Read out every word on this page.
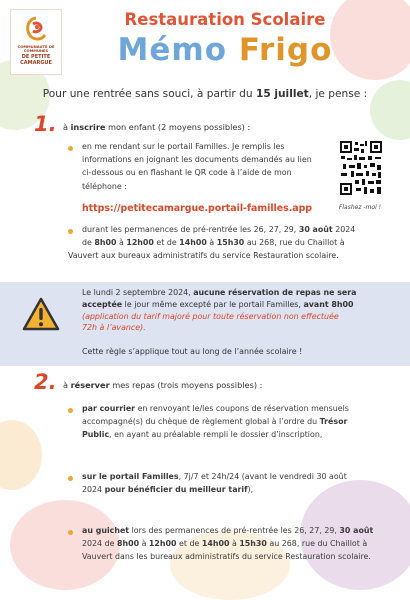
COMMUNAUTÉ DE COMMUNES
DE PETITE
CAMARGUE
Restauration Scolaire
Mémo Frigo
Pour une rentrée sans souci, à partir du 15 juillet, je pense :
1. à inscrire mon enfant (2 moyens possibles) :
en me rendant sur le portail Familles. Je remplis les
informations en joignant les documents demandés au lien
ci-dessous ou en flashant le QR code à l’aide de mon
téléphone :
Flashez -moi !
https://petitecamargue.portail-familles.app
durant les permanences de pré-rentrée les 26, 27, 29, 30 août 2024
de 8h00 à 12h00 et de 14h00 à 15h30 au 268, rue du Chaillot à
Vauvert aux bureaux administratifs du service Restauration scolaire.
Le lundi 2 septembre 2024, aucune réservation de repas ne sera
acceptée le jour même excepté par le portail Familles, avant 8h00
(application du tarif majoré pour toute réservation non effectuée
72h à l’avance).
Cette règle s’applique tout au long de l’année scolaire !
2. à réserver mes repas (trois moyens possibles) :
par courrier en renvoyant le/les coupons de réservation mensuels
accompagné(s) du chèque de règlement global à l’ordre du Trésor
Public, en ayant au préalable rempli le dossier d’inscription,
sur le portail Familles, 7j/7 et 24h/24 (avant le vendredi 30 août
2024 pour bénéficier du meilleur tarif),
au guichet lors des permanences de pré-rentrée les 26, 27, 29, 30 août
2024 de 8h00 à 12h00 et de 14h00 à 15h30 au 268, rue du Chaillot à
Vauvert dans les bureaux administratifs du service Restauration scolaire.
